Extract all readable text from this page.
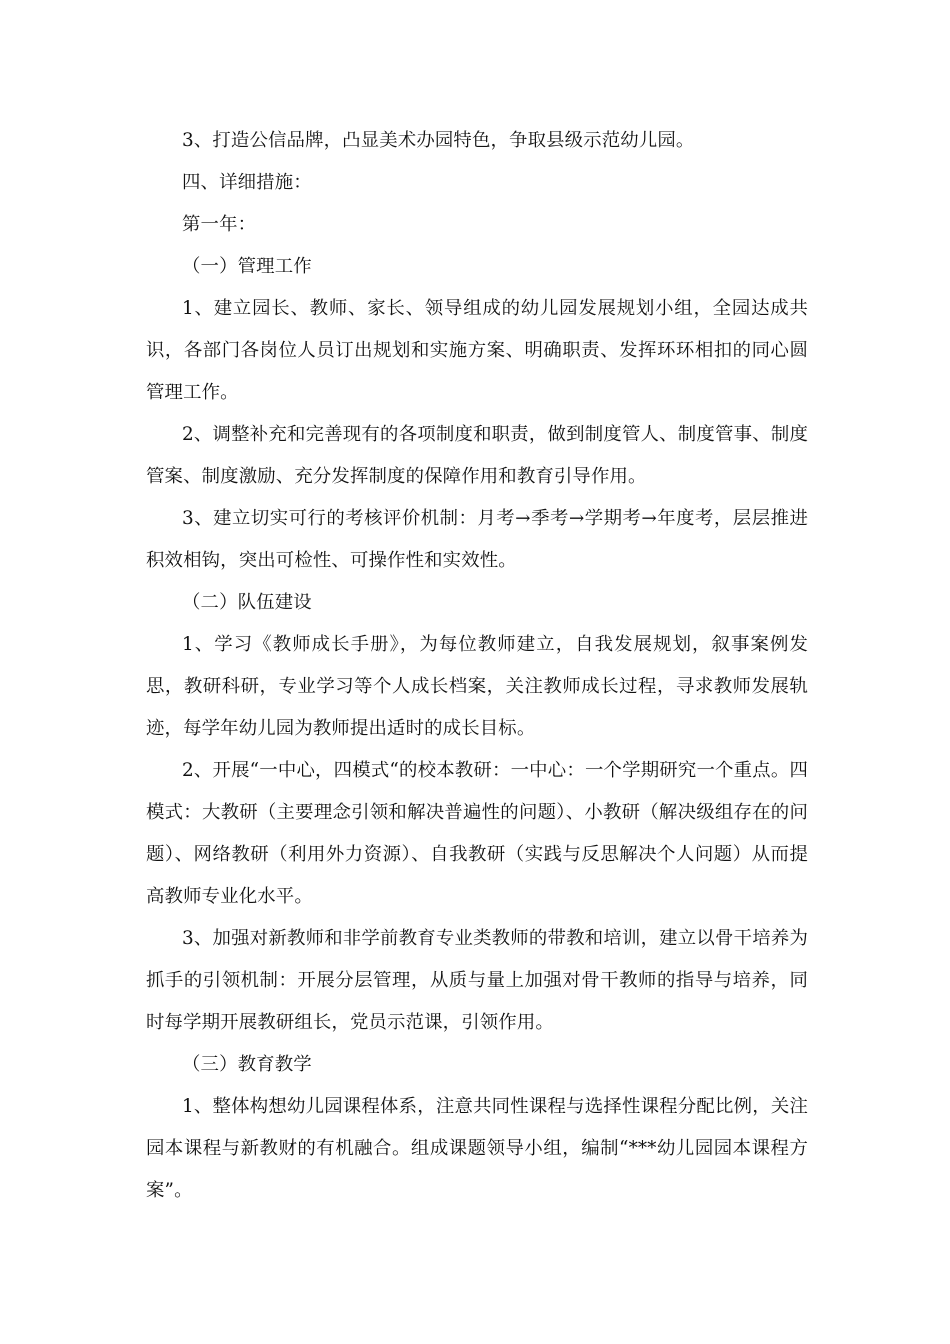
3、打造公信品牌，凸显美术办园特色，争取县级示范幼儿园。

四、详细措施：

第一年：

（一）管理工作

1、建立园长、教师、家长、领导组成的幼儿园发展规划小组，全园达成共识，各部门各岗位人员订出规划和实施方案、明确职责、发挥环环相扣的同心圆管理工作。

2、调整补充和完善现有的各项制度和职责，做到制度管人、制度管事、制度管案、制度激励、充分发挥制度的保障作用和教育引导作用。

3、建立切实可行的考核评价机制：月考→季考→学期考→年度考，层层推进积效相钩，突出可检性、可操作性和实效性。

（二）队伍建设

1、学习《教师成长手册》，为每位教师建立，自我发展规划，叙事案例发思，教研科研，专业学习等个人成长档案，关注教师成长过程，寻求教师发展轨迹，每学年幼儿园为教师提出适时的成长目标。

2、开展“一中心，四模式“的校本教研：一中心：一个学期研究一个重点。四模式：大教研（主要理念引领和解决普遍性的问题）、小教研（解决级组存在的问题）、网络教研（利用外力资源）、自我教研（实践与反思解决个人问题）从而提高教师专业化水平。

3、加强对新教师和非学前教育专业类教师的带教和培训，建立以骨干培养为抓手的引领机制：开展分层管理，从质与量上加强对骨干教师的指导与培养，同时每学期开展教研组长，党员示范课，引领作用。

（三）教育教学

1、整体构想幼儿园课程体系，注意共同性课程与选择性课程分配比例，关注园本课程与新教财的有机融合。组成课题领导小组，编制“***幼儿园园本课程方案”。
